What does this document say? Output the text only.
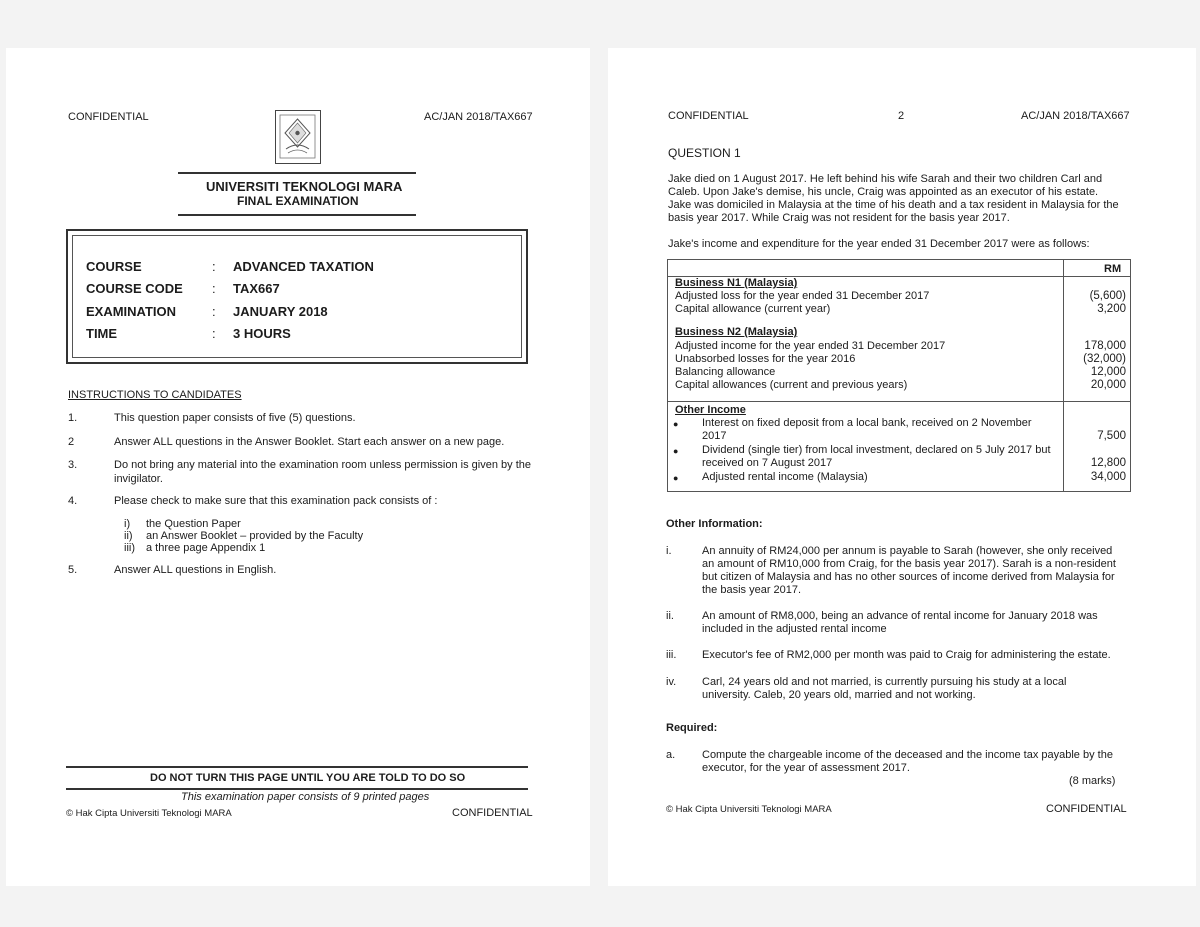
CONFIDENTIAL	AC/JAN 2018/TAX667
UNIVERSITI TEKNOLOGI MARA
FINAL EXAMINATION
COURSE	: ADVANCED TAXATION
COURSE CODE : TAX667
EXAMINATION	: JANUARY 2018
TIME	: 3 HOURS
INSTRUCTIONS TO CANDIDATES
1.	This question paper consists of five (5) questions.
2	Answer ALL questions in the Answer Booklet. Start each answer on a new page.
3.	Do not bring any material into the examination room unless permission is given by the
invigilator.
4.	Please check to make sure that this examination pack consists of :
i) the Question Paper
ii) an Answer Booklet – provided by the Faculty
iii) a three page Appendix 1
5.	Answer ALL questions in English.
DO NOT TURN THIS PAGE UNTIL YOU ARE TOLD TO DO SO
This examination paper consists of 9 printed pages
© Hak Cipta Universiti Teknologi MARA	CONFIDENTIAL
CONFIDENTIAL	2	AC/JAN 2018/TAX667
QUESTION 1
Jake died on 1 August 2017. He left behind his wife Sarah and their two children Carl and
Caleb. Upon Jake's demise, his uncle, Craig was appointed as an executor of his estate.
Jake was domiciled in Malaysia at the time of his death and a tax resident in Malaysia for the
basis year 2017. While Craig was not resident for the basis year 2017.
Jake's income and expenditure for the year ended 31 December 2017 were as follows:
RM
Business N1 (Malaysia)
Adjusted loss for the year ended 31 December 2017	(5,600)
Capital allowance (current year)	3,200
Business N2 (Malaysia)
Adjusted income for the year ended 31 December 2017	178,000
Unabsorbed losses for the year 2016	(32,000)
Balancing allowance	12,000
Capital allowances (current and previous years)	20,000
Other Income
● Interest on fixed deposit from a local bank, received on 2 November
2017	7,500
● Dividend (single tier) from local investment, declared on 5 July 2017 but
received on 7 August 2017	12,800
● Adjusted rental income (Malaysia)	34,000
Other Information:
i.	An annuity of RM24,000 per annum is payable to Sarah (however, she only received
an amount of RM10,000 from Craig, for the basis year 2017). Sarah is a non-resident
but citizen of Malaysia and has no other sources of income derived from Malaysia for
the basis year 2017.
ii.	An amount of RM8,000, being an advance of rental income for January 2018 was
included in the adjusted rental income
iii. Executor's fee of RM2,000 per month was paid to Craig for administering the estate.
iv. Carl, 24 years old and not married, is currently pursuing his study at a local
university. Caleb, 20 years old, married and not working.
Required:
a. Compute the chargeable income of the deceased and the income tax payable by the
executor, for the year of assessment 2017.
(8 marks)
© Hak Cipta Universiti Teknologi MARA	CONFIDENTIAL
